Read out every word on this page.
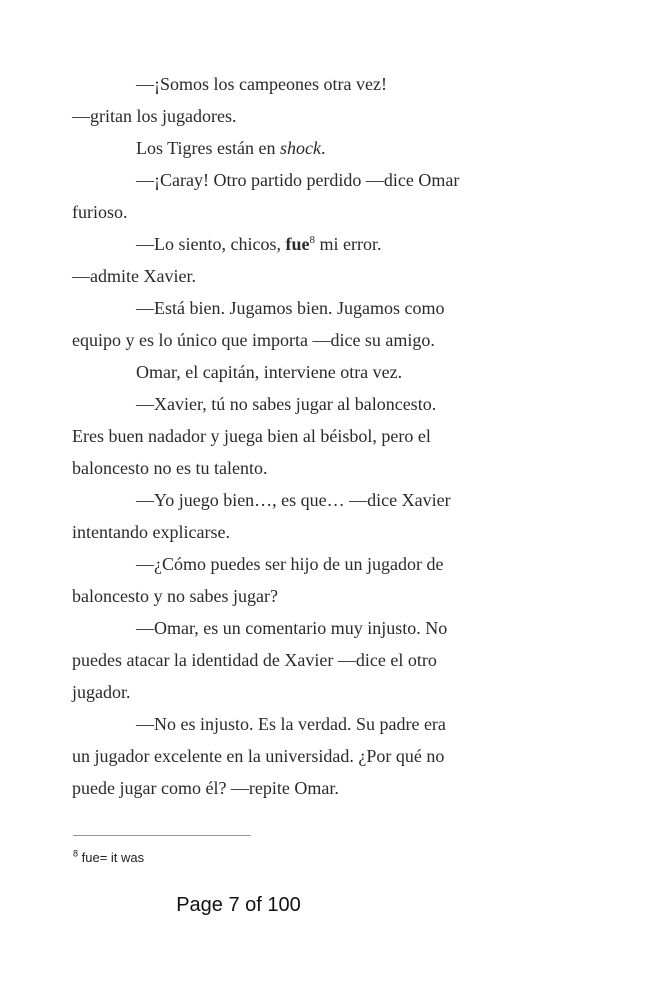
—¡Somos los campeones otra vez!
—gritan los jugadores.
Los Tigres están en shock.
—¡Caray! Otro partido perdido —dice Omar
furioso.
—Lo siento, chicos, fue$^8$ mi error.
—admite Xavier.
—Está bien. Jugamos bien. Jugamos como
equipo y es lo único que importa —dice su amigo.
Omar, el capitán, interviene otra vez.
—Xavier, tú no sabes jugar al baloncesto.
Eres buen nadador y juega bien al béisbol, pero el
baloncesto no es tu talento.
—Yo juego bien…, es que… —dice Xavier
intentando explicarse.
—¿Cómo puedes ser hijo de un jugador de
baloncesto y no sabes jugar?
—Omar, es un comentario muy injusto. No
puedes atacar la identidad de Xavier —dice el otro
jugador.
—No es injusto. Es la verdad. Su padre era
un jugador excelente en la universidad. ¿Por qué no
puede jugar como él? —repite Omar.
$^8$ fue= it was
Page 7 of 100
